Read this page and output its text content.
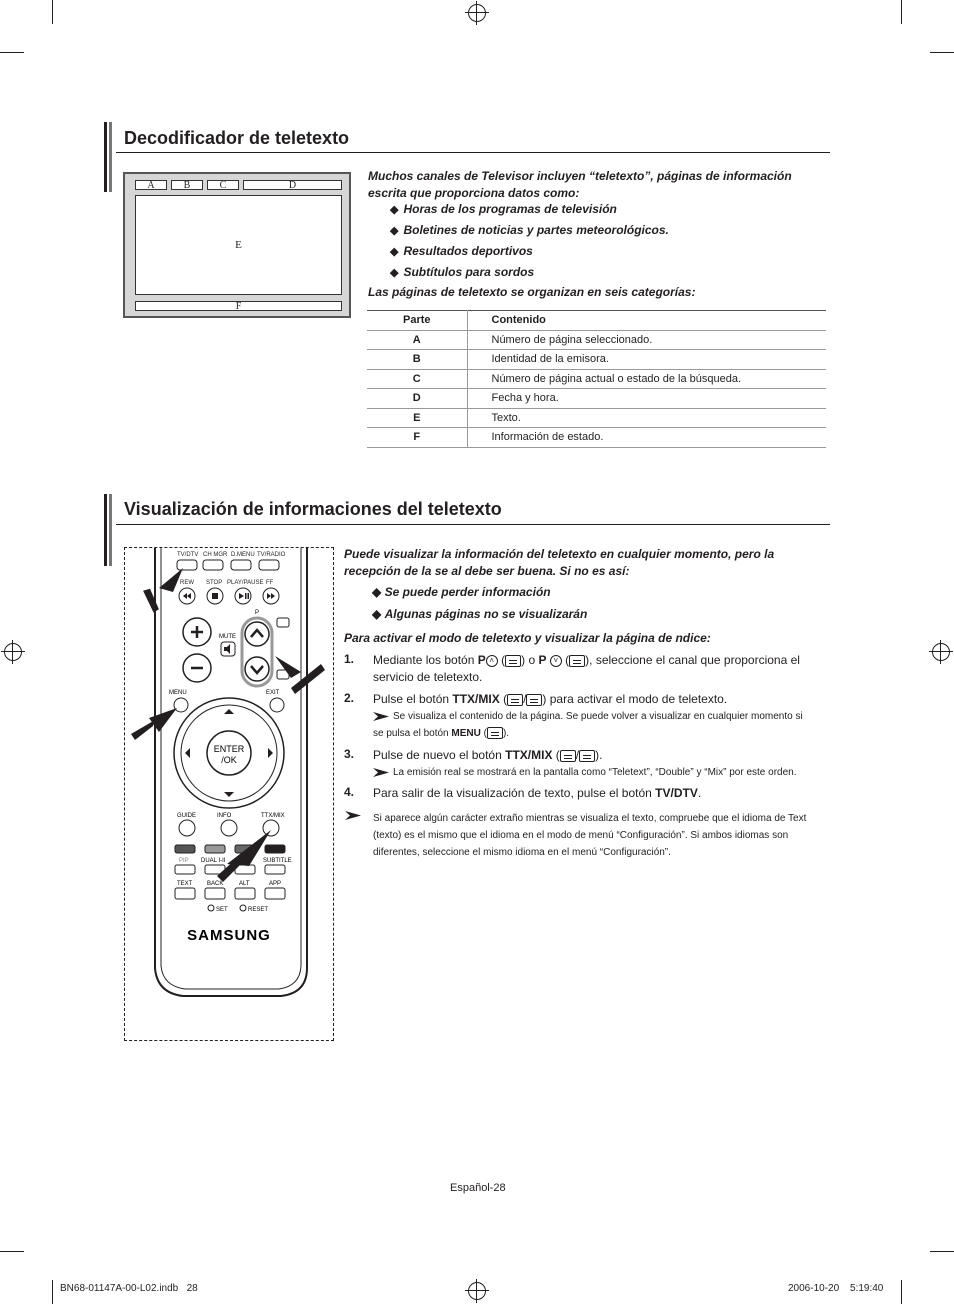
Decodificador de teletexto
A	B	C	D
E
F
Muchos canales de Televisor incluyen “teletexto”, páginas de información escrita que proporciona datos como:
◆ Horas de los programas de televisión
◆ Boletines de noticias y partes meteorológicos.
◆ Resultados deportivos
◆ Subtítulos para sordos
Las páginas de teletexto se organizan en seis categorías:
Parte	Contenido
A	Número de página seleccionado.
B	Identidad de la emisora.
C	Número de página actual o estado de la búsqueda.
D	Fecha y hora.
E	Texto.
F	Información de estado.
Visualización de informaciones del teletexto
TV/DTV CH MGR D.MENU TV/RADIO
REW STOP PLAY/PAUSE FF
P
MUTE
MENU	EXIT
ENTER
/OK
GUIDE	INFO	TTX/MIX
PIP DUAL I-II	SUBTITLE
TEXT BACK	ALT	APP
SET	RESET
SAMSUNG
Puede visualizar la información del teletexto en cualquier momento, pero la recepción de la se al debe ser buena. Si no es así:
◆ Se puede perder información
◆ Algunas páginas no se visualizarán
Para activar el modo de teletexto y visualizar la página de ndice:
1. Mediante los botón P ˄ ( ) o P ˅ ( ), seleccione el canal que proporciona el servicio de teletexto.
2. Pulse el botón TTX/MIX ( / ) para activar el modo de teletexto.
Se visualiza el contenido de la página. Se puede volver a visualizar en cualquier momento si se pulsa el botón MENU ( ).
3. Pulse de nuevo el botón TTX/MIX ( / ).
La emisión real se mostrará en la pantalla como “Teletext”, “Double” y “Mix” por este orden.
4. Para salir de la visualización de texto, pulse el botón TV/DTV.
Si aparece algún carácter extraño mientras se visualiza el texto, compruebe que el idioma de Text (texto) es el mismo que el idioma en el modo de menú “Configuración”. Si ambos idiomas son diferentes, seleccione el mismo idioma en el menú “Configuración”.
Español-28
BN68-01147A-00-L02.indb   28	2006-10-20 5:19:40
